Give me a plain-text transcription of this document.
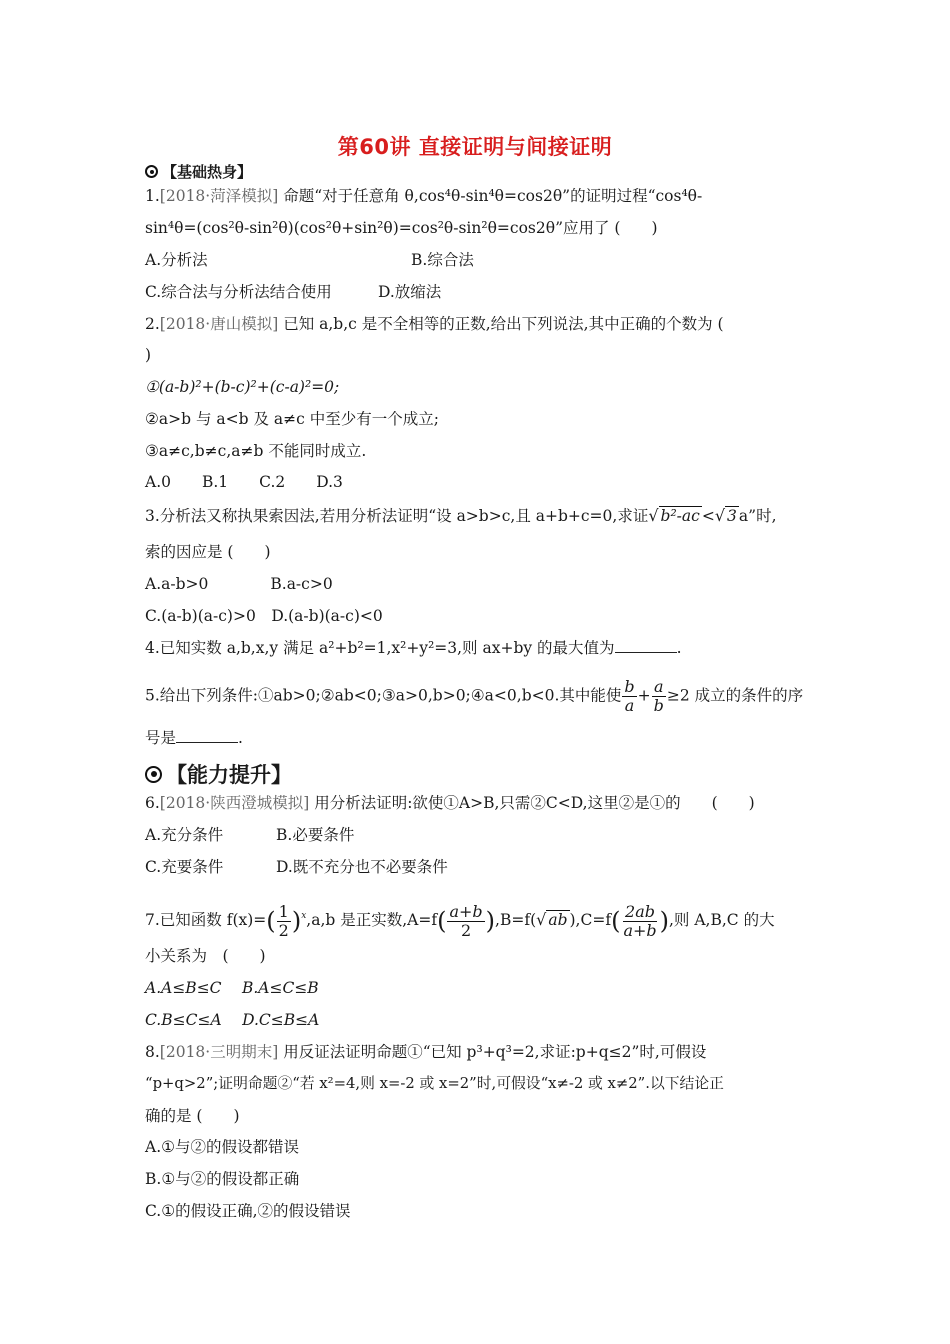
第60讲 直接证明与间接证明
【基础热身】
1.[2018·菏泽模拟] 命题“对于任意角 θ,cos⁴θ-sin⁴θ=cos2θ”的证明过程“cos⁴θ-
sin⁴θ=(cos²θ-sin²θ)(cos²θ+sin²θ)=cos²θ-sin²θ=cos2θ”应用了 (　　)
A.分析法	B.综合法
C.综合法与分析法结合使用	D.放缩法
2.[2018·唐山模拟] 已知 a,b,c 是不全相等的正数,给出下列说法,其中正确的个数为 (
)
①(a-b)²+(b-c)²+(c-a)²=0;
②a>b 与 a<b 及 a≠c 中至少有一个成立;
③a≠c,b≠c,a≠b 不能同时成立.
A.0　　B.1　　C.2　　D.3
3.分析法又称执果索因法,若用分析法证明“设 a>b>c,且 a+b+c=0,求证√ b²-ac <√ 3 a”时,
索的因应是 (　　)
A.a-b>0　　　　B.a-c>0
C.(a-b)(a-c)>0　D.(a-b)(a-c)<0
4.已知实数 a,b,x,y 满足 a²+b²=1,x²+y²=3,则 ax+by 的最大值为	.
5.给出下列条件:①ab>0;②ab<0;③a>0,b>0;④a<0,b<0.其中能使 $\frac{b}{a} + \frac{a}{b} \ge 2$ 成立的条件的序
号是	.
【能力提升】
6.[2018·陕西澄城模拟] 用分析法证明:欲使①A>B,只需②C<D,这里②是①的　　(　　)
A.充分条件	B.必要条件
C.充要条件	D.既不充分也不必要条件
7.已知函数 $f(x)=( \frac{1}{2} )^x,a,b$ 是正实数$,A=f( \frac{a+b}{2} ),B=f(√$ ab )$,C=f( \frac{2ab}{a+b}$ ),则 A,B,C 的大
小关系为　(　　)
A.A≤B≤C　 B.A≤C≤B
C.B≤C≤A　 D.C≤B≤A
8.[2018·三明期末] 用反证法证明命题①“已知 p³+q³=2,求证:p+q≤2”时,可假设
“p+q>2”;证明命题②“若 x²=4,则 x=-2 或 x=2”时,可假设“x≠-2 或 x≠2”.以下结论正
确的是 (　　)
A.①与②的假设都错误
B.①与②的假设都正确
C.①的假设正确,②的假设错误
